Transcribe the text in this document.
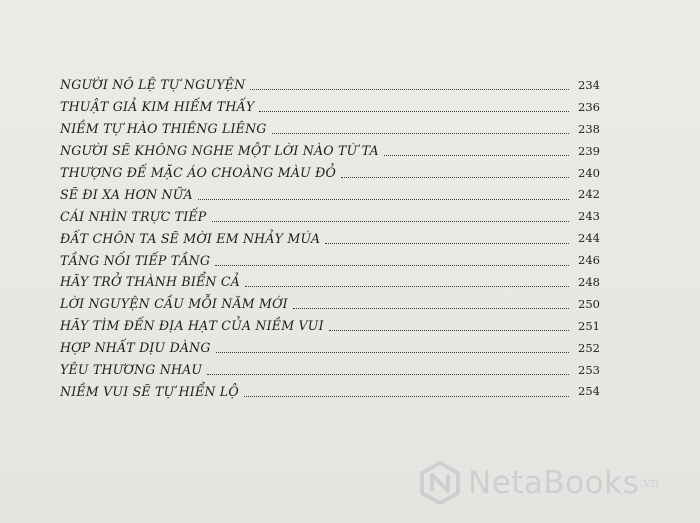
NGƯỜI NÔ LỆ TỰ NGUYỆN	234
THUẬT GIẢ KIM HIẾM THẤY	236
NIỀM TỰ HÀO THIÊNG LIÊNG	238
NGƯỜI SẼ KHÔNG NGHE MỘT LỜI NÀO TỪ TA	239
THƯỢNG ĐẾ MẶC ÁO CHOÀNG MÀU ĐỎ	240
SẼ ĐI XA HƠN NỮA	242
CÁI NHÌN TRỰC TIẾP	243
ĐẤT CHÔN TA SẼ MỜI EM NHẢY MÚA	244
TẦNG NỐI TIẾP TẦNG	246
HÃY TRỞ THÀNH BIỂN CẢ	248
LỜI NGUYỆN CẦU MỖI NĂM MỚI	250
HÃY TÌM ĐẾN ĐỊA HẠT CỦA NIỀM VUI	251
HỢP NHẤT DỊU DÀNG	252
YÊU THƯƠNG NHAU	253
NIỀM VUI SẼ TỰ HIỂN LỘ	254
NetaBooks .vn
